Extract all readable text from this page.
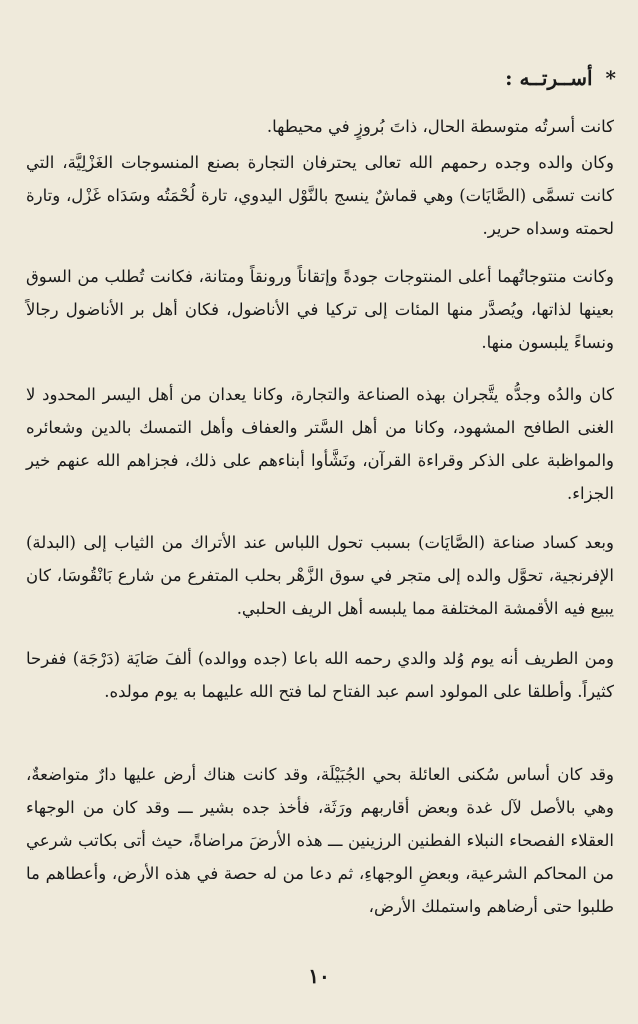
* أســرتــه :

كانت أسرتُه متوسطة الحال، ذاتَ بُروزٍ في محيطها.

وكان والده وجده رحمهم الله تعالى يحترفان التجارة بصنع المنسوجات الغَزْلِيَّة، التي كانت تسمَّى (الصَّايَات) وهي قماشٌ ينسج بالنَّوْل اليدوي، تارة لُحْمَتُه وسَدَاه غَزْل، وتارة لحمته وسداه حرير.

وكانت منتوجاتُهما أعلى المنتوجات جودةً وإتقاناً ورونقاً ومتانة، فكانت تُطلب من السوق بعينها لذاتها، ويُصدَّر منها المئات إلى تركيا في الأناضول، فكان أهل بر الأناضول رجالاً ونساءً يلبسون منها.

كان والدُه وجدُّه يتَّجران بهذه الصناعة والتجارة، وكانا يعدان من أهل اليسر المحدود لا الغنى الطافح المشهود، وكانا من أهل السَّتر والعفاف وأهل التمسك بالدين وشعائره والمواظبة على الذكر وقراءة القرآن، ونَشَّأوا أبناءهم على ذلك، فجزاهم الله عنهم خير الجزاء.

وبعد كساد صناعة (الصَّايَات) بسبب تحول اللباس عند الأتراك من الثياب إلى (البدلة) الإفرنجية، تحوَّل والده إلى متجر في سوق الزَّهْر بحلب المتفرع من شارع بَانْقُوسَا، كان يبيع فيه الأقمشة المختلفة مما يلبسه أهل الريف الحلبي.

ومن الطريف أنه يوم وُلد والدي رحمه الله باعا (جده ووالده) ألفَ صَايَة (دَرْجَة) ففرحا كثيراً. وأطلقا على المولود اسم عبد الفتاح لما فتح الله عليهما به يوم مولده.

وقد كان أساس سُكنى العائلة بحي الجُبَيْلَة، وقد كانت هناك أرض عليها دارٌ متواضعةٌ، وهي بالأصل لآل غدة وبعض أقاربهم ورَثَة، فأخذ جده بشير ـــ وقد كان من الوجهاء العقلاء الفصحاء النبلاء الفطنين الرزينين ـــ هذه الأرضَ مراضاةً، حيث أتى بكاتب شرعي من المحاكم الشرعية، وبعضِ الوجهاءِ، ثم دعا من له حصة في هذه الأرض، وأعطاهم ما طلبوا حتى أرضاهم واستملك الأرض،

١٠
